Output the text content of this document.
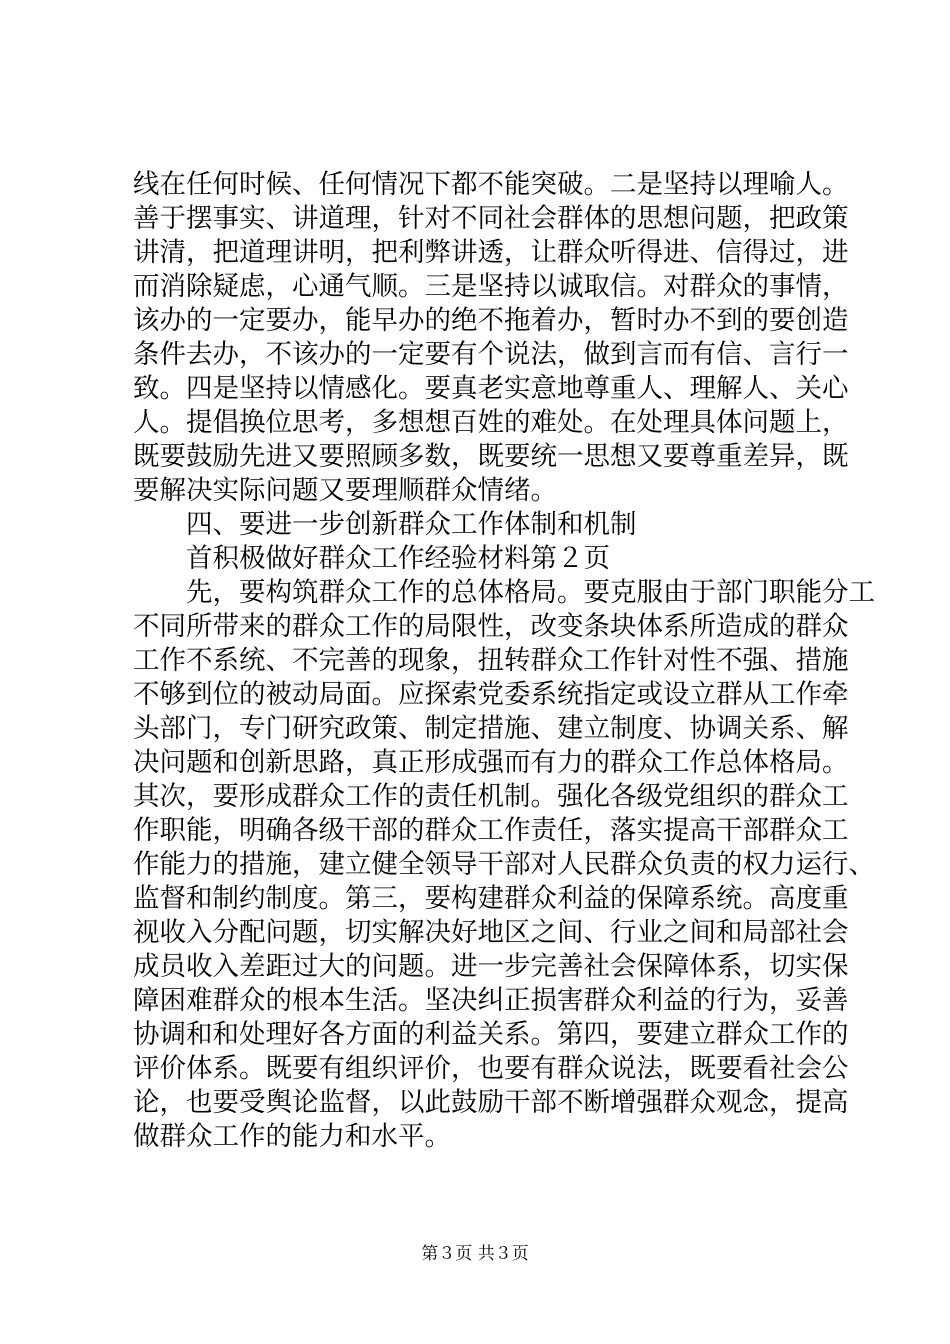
线在任何时候、任何情况下都不能突破。二是坚持以理喻人。
善于摆事实、讲道理，针对不同社会群体的思想问题，把政策
讲清，把道理讲明，把利弊讲透，让群众听得进、信得过，进
而消除疑虑，心通气顺。三是坚持以诚取信。对群众的事情，
该办的一定要办，能早办的绝不拖着办，暂时办不到的要创造
条件去办，不该办的一定要有个说法，做到言而有信、言行一
致。四是坚持以情感化。要真老实意地尊重人、理解人、关心
人。提倡换位思考，多想想百姓的难处。在处理具体问题上，
既要鼓励先进又要照顾多数，既要统一思想又要尊重差异，既
要解决实际问题又要理顺群众情绪。
四、要进一步创新群众工作体制和机制
首积极做好群众工作经验材料第２页
先，要构筑群众工作的总体格局。要克服由于部门职能分工
不同所带来的群众工作的局限性，改变条块体系所造成的群众
工作不系统、不完善的现象，扭转群众工作针对性不强、措施
不够到位的被动局面。应探索党委系统指定或设立群从工作牵
头部门，专门研究政策、制定措施、建立制度、协调关系、解
决问题和创新思路，真正形成强而有力的群众工作总体格局。
其次，要形成群众工作的责任机制。强化各级党组织的群众工
作职能，明确各级干部的群众工作责任，落实提高干部群众工
作能力的措施，建立健全领导干部对人民群众负责的权力运行、
监督和制约制度。第三，要构建群众利益的保障系统。高度重
视收入分配问题，切实解决好地区之间、行业之间和局部社会
成员收入差距过大的问题。进一步完善社会保障体系，切实保
障困难群众的根本生活。坚决纠正损害群众利益的行为，妥善
协调和和处理好各方面的利益关系。第四，要建立群众工作的
评价体系。既要有组织评价，也要有群众说法，既要看社会公
论，也要受舆论监督，以此鼓励干部不断增强群众观念，提高
做群众工作的能力和水平。
第３页 共３页
